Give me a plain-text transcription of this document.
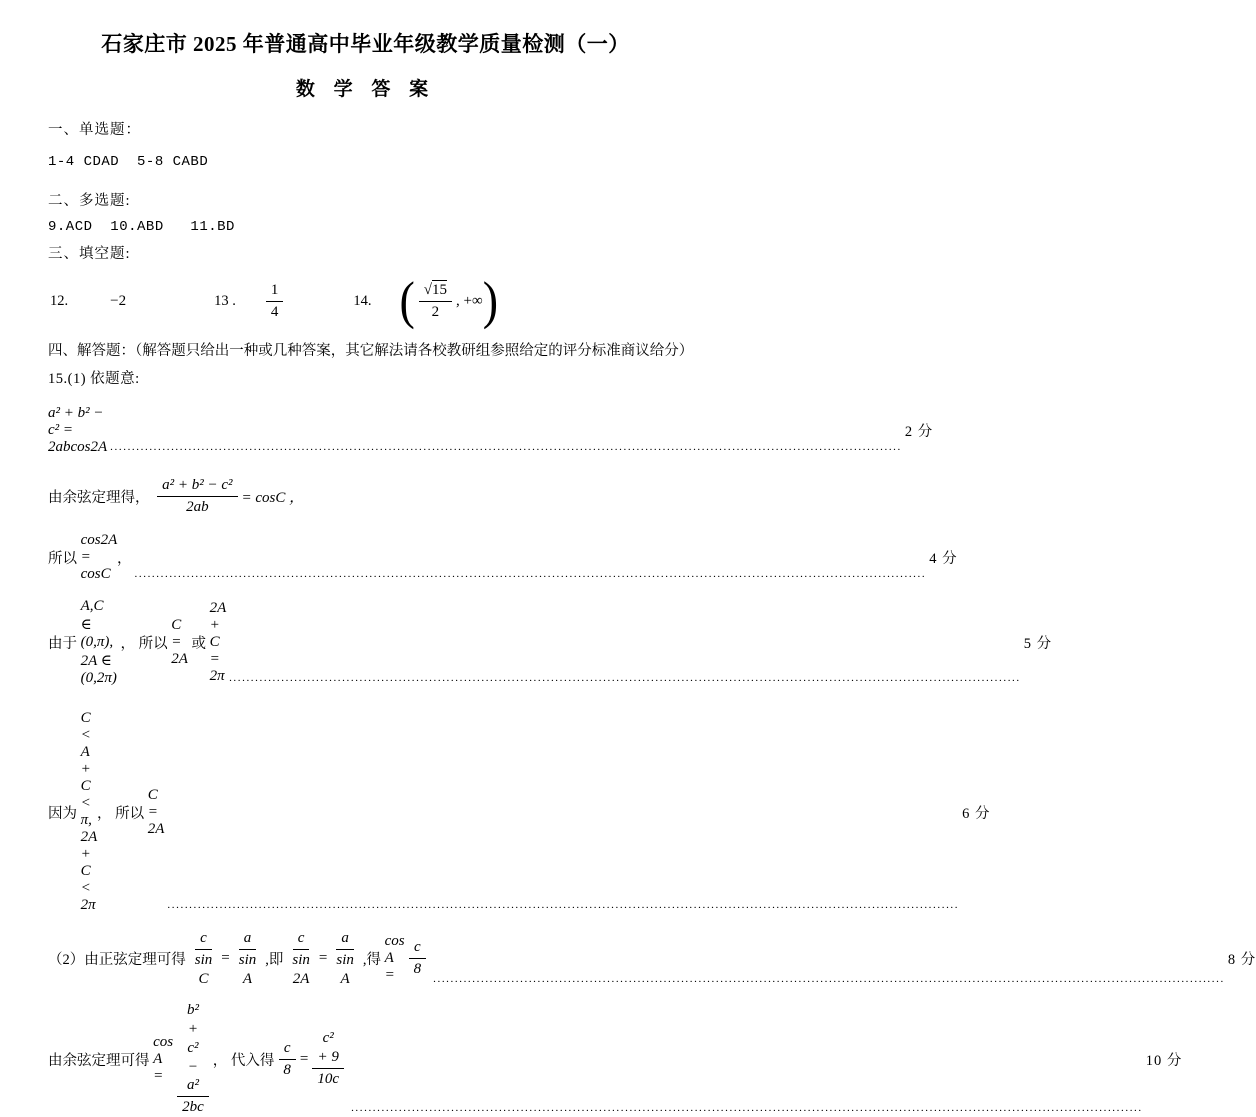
石家庄市 2025 年普通高中毕业年级教学质量检测（一）
数 学 答 案
一、单选题：
1-4 CDAD  5-8 CABD
二、多选题:
9.ACD  10.ABD   11.BD
三、填空题:
12.	−2	13 . $\frac{1}{4}$	14. ( $\frac{√15}{2}$ , +∞ )
四、解答题：（解答题只给出一种或几种答案，其它解法请各校教研组参照给定的评分标准商议给分）
15.(1) 依题意:
a² + b² − c² = 2abcos2A
.....
2 分
由余弦定理得， $\frac{\text{a² + b² − c²}}{2ab} = \cos C$ ，
所以
cos2A = cosC
，
.....	4 分
由于
A,C ∈ (0,π), 2A ∈ (0,2π)
， 所以
C = 2A
或
2A + C = 2π
.....
5 分
因为
C < A + C < π, 2A + C < 2π
， 所以
C = 2A
.....
6 分
（2）由正弦定理可得 $\frac{c}{\text{sin C}} = \frac{a}{\text{sin A}}$ ,即 $\frac{c}{\sin 2A} = \frac{a}{\text{sin A}}$ ,得
$\cos A = \frac{c}{8}$
.....	8 分
由余弦定理可得
$\cos A = \frac{\text{b² + c² − a²}}{2bc}$ ， 代入得 $\frac{c}{8} = \frac{\text{c² + 9}}{10c}$
.....	10 分
